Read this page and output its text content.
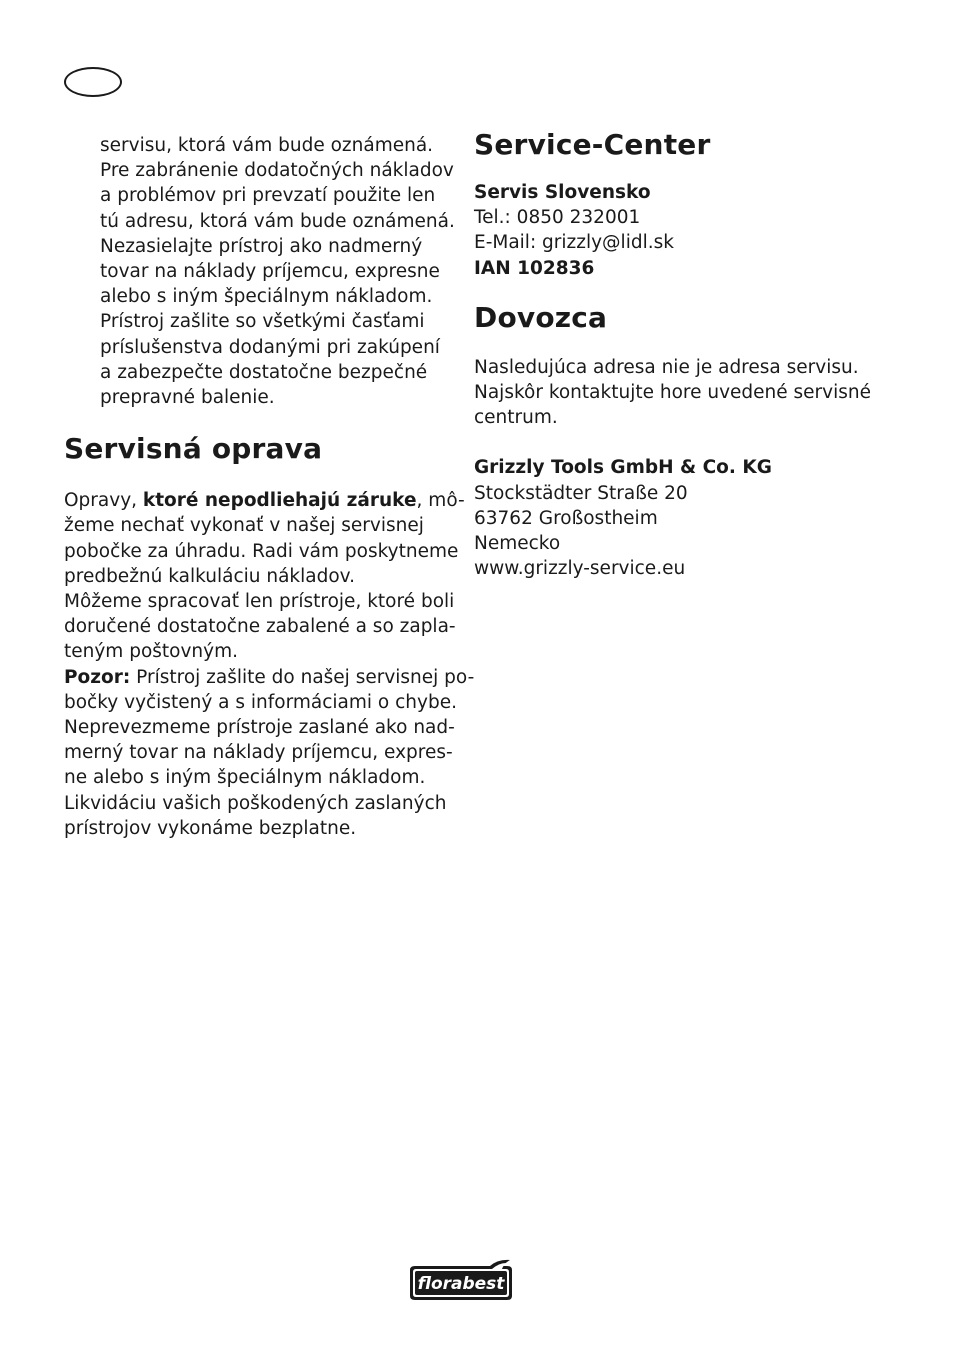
servisu, ktorá vám bude oznámená.
Pre zabránenie dodatočných nákladov
a problémov pri prevzatí použite len
tú adresu, ktorá vám bude oznámená.
Nezasielajte prístroj ako nadmerný
tovar na náklady príjemcu, expresne
alebo s iným špeciálnym nákladom.
Prístroj zašlite so všetkými časťami
príslušenstva dodanými pri zakúpení
a zabezpečte dostatočne bezpečné
prepravné balenie.
Servisná oprava
Opravy, ktoré nepodliehajú záruke, mô-
žeme nechať vykonať v našej servisnej
pobočke za úhradu. Radi vám poskytneme
predbežnú kalkuláciu nákladov.
Môžeme spracovať len prístroje, ktoré boli
doručené dostatočne zabalené a so zapla-
teným poštovným.
Pozor: Prístroj zašlite do našej servisnej po-
bočky vyčistený a s informáciami o chybe.
Neprevezmeme prístroje zaslané ako nad-
merný tovar na náklady príjemcu, expres-
ne alebo s iným špeciálnym nákladom.
Likvidáciu vašich poškodených zaslaných
prístrojov vykonáme bezplatne.
Service-Center
Servis Slovensko
Tel.: 0850 232001
E-Mail: grizzly@lidl.sk
IAN 102836
Dovozca
Nasledujúca adresa nie je adresa servisu.
Najskôr kontaktujte hore uvedené servisné
centrum.
Grizzly Tools GmbH & Co. KG
Stockstädter Straße 20
63762 Großostheim
Nemecko
www.grizzly-service.eu
florabest
